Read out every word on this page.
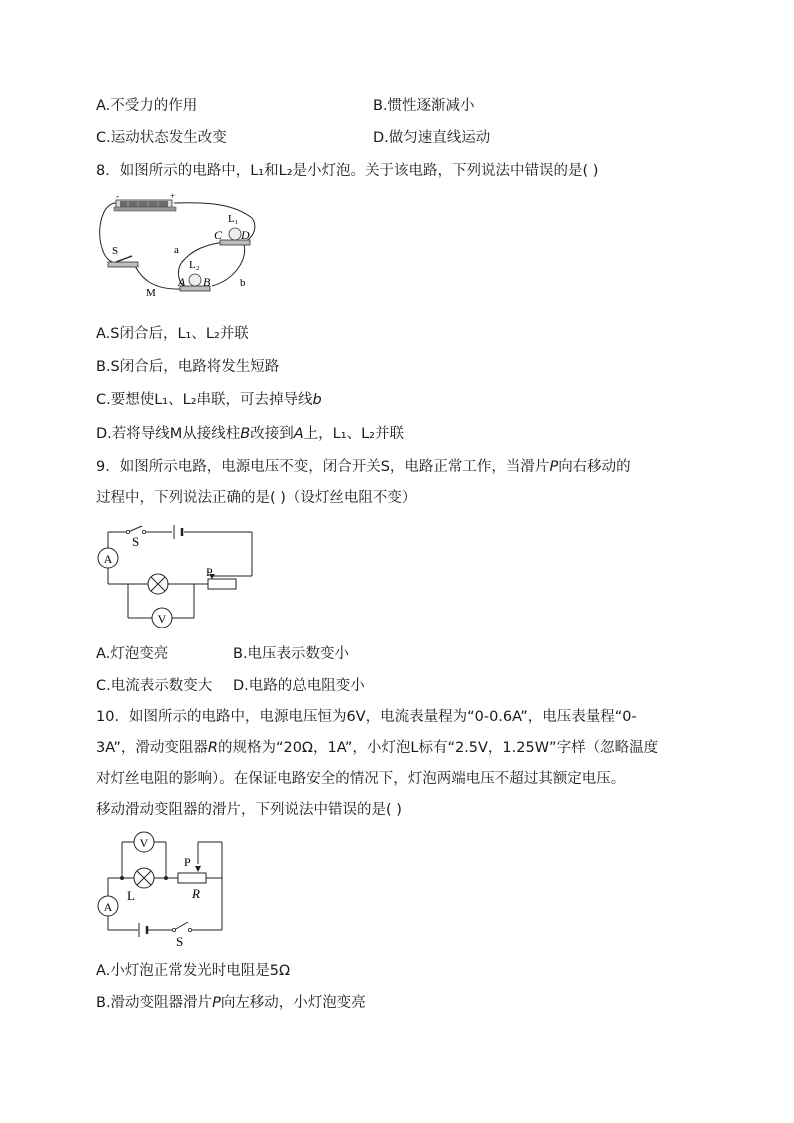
A.不受力的作用	B.惯性逐渐减小
C.运动状态发生改变	D.做匀速直线运动
8．如图所示的电路中，L₁和L₂是小灯泡。关于该电路，下列说法中错误的是( )
-	+
S
L₁
C D
L₂
A B
a
b
M
A.S闭合后，L₁、L₂并联
B.S闭合后，电路将发生短路
C.要想使L₁、L₂串联，可去掉导线b
D.若将导线M从接线柱B改接到A上，L₁、L₂并联
9．如图所示电路，电源电压不变，闭合开关S，电路正常工作，当滑片P向右移动的
过程中，下列说法正确的是( )（设灯丝电阻不变）
S
A
P
V
A.灯泡变亮	B.电压表示数变小
C.电流表示数变大 D.电路的总电阻变小
10．如图所示的电路中，电源电压恒为6V，电流表量程为“0-0.6A”，电压表量程“0-
3A”，滑动变阻器R的规格为“20Ω，1A”，小灯泡L标有“2.5V，1.25W”字样（忽略温度
对灯丝电阻的影响）。在保证电路安全的情况下，灯泡两端电压不超过其额定电压。
移动滑动变阻器的滑片，下列说法中错误的是( )
V
L
P
R
A
S
A.小灯泡正常发光时电阻是5Ω
B.滑动变阻器滑片P向左移动，小灯泡变亮
